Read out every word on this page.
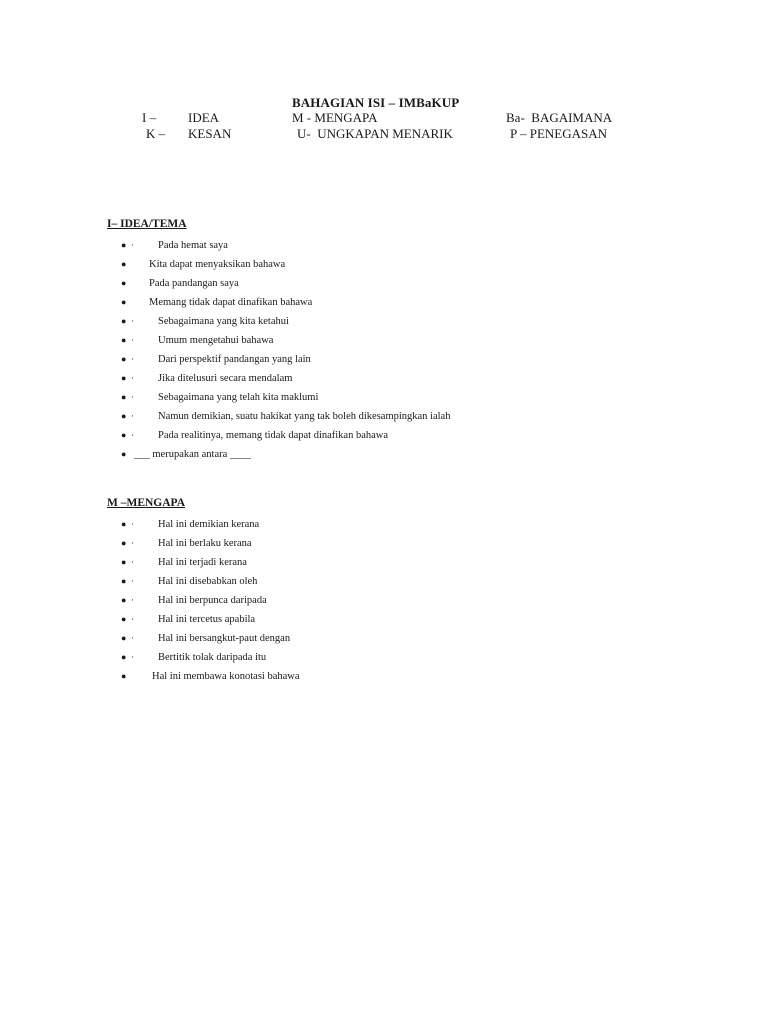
BAHAGIAN ISI – IMBaKUP
I – IDEA	M - MENGAPA	Ba-  BAGAIMANA
K – KESAN	U-  UNGKAPAN MENARIK	P – PENEGASAN
I– IDEA/TEMA
● · Pada hemat saya
● Kita dapat menyaksikan bahawa
● Pada pandangan saya
● Memang tidak dapat dinafikan bahawa
● · Sebagaimana yang kita ketahui
● · Umum mengetahui bahawa
● · Dari perspektif pandangan yang lain
● · Jika ditelusuri secara mendalam
● · Sebagaimana yang telah kita maklumi
● · Namun demikian, suatu hakikat yang tak boleh dikesampingkan ialah
● · Pada realitinya, memang tidak dapat dinafikan bahawa
● ___ merupakan antara ____
M –MENGAPA
● · Hal ini demikian kerana
● · Hal ini berlaku kerana
● · Hal ini terjadi kerana
● · Hal ini disebabkan oleh
● · Hal ini berpunca daripada
● · Hal ini tercetus apabila
● · Hal ini bersangkut-paut dengan
● · Bertitik tolak daripada itu
● Hal ini membawa konotasi bahawa
